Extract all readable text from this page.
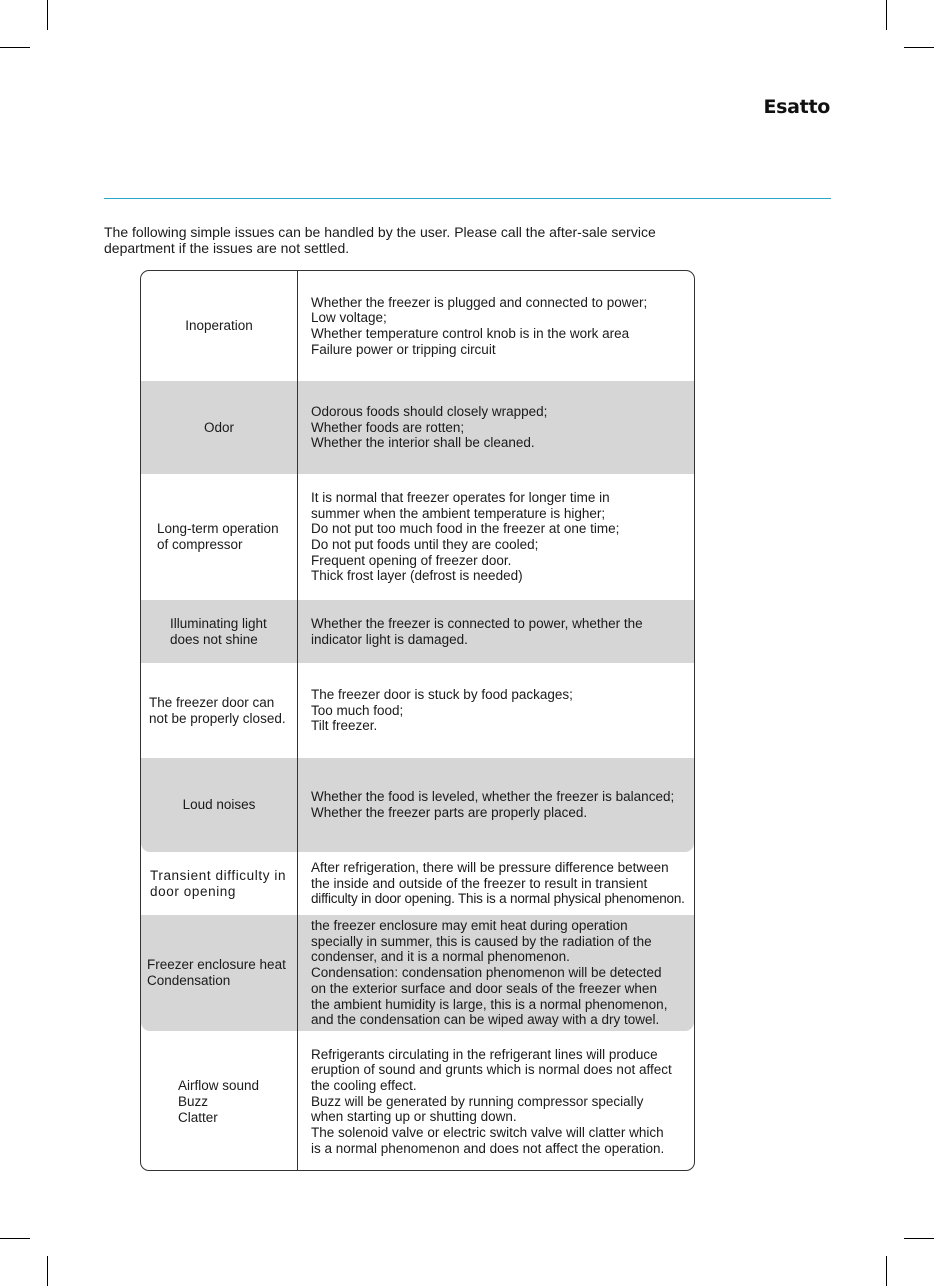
Esatto
The following simple issues can be handled by the user. Please call the after-sale service
department if the issues are not settled.
Inoperation
Whether the freezer is plugged and connected to power;
Low voltage;
Whether temperature control knob is in the work area
Failure power or tripping circuit
Odor
Odorous foods should closely wrapped;
Whether foods are rotten;
Whether the interior shall be cleaned.
Long-term operation
of compressor
It is normal that freezer operates for longer time in
summer when the ambient temperature is higher;
Do not put too much food in the freezer at one time;
Do not put foods until they are cooled;
Frequent opening of freezer door.
Thick frost layer (defrost is needed)
Illuminating light
does not shine
Whether the freezer is connected to power, whether the
indicator light is damaged.
The freezer door can
not be properly closed.
The freezer door is stuck by food packages;
Too much food;
Tilt freezer.
Loud noises
Whether the food is leveled, whether the freezer is balanced;
Whether the freezer parts are properly placed.
Transient difficulty in
door opening
After refrigeration, there will be pressure difference between
the inside and outside of the freezer to result in transient
difficulty in door opening. This is a normal physical phenomenon.
Freezer enclosure heat
Condensation
the freezer enclosure may emit heat during operation
specially in summer, this is caused by the radiation of the
condenser, and it is a normal phenomenon.
Condensation: condensation phenomenon will be detected
on the exterior surface and door seals of the freezer when
the ambient humidity is large, this is a normal phenomenon,
and the condensation can be wiped away with a dry towel.
Airflow sound
Buzz
Clatter
Refrigerants circulating in the refrigerant lines will produce
eruption of sound and grunts which is normal does not affect
the cooling effect.
Buzz will be generated by running compressor specially
when starting up or shutting down.
The solenoid valve or electric switch valve will clatter which
is a normal phenomenon and does not affect the operation.
